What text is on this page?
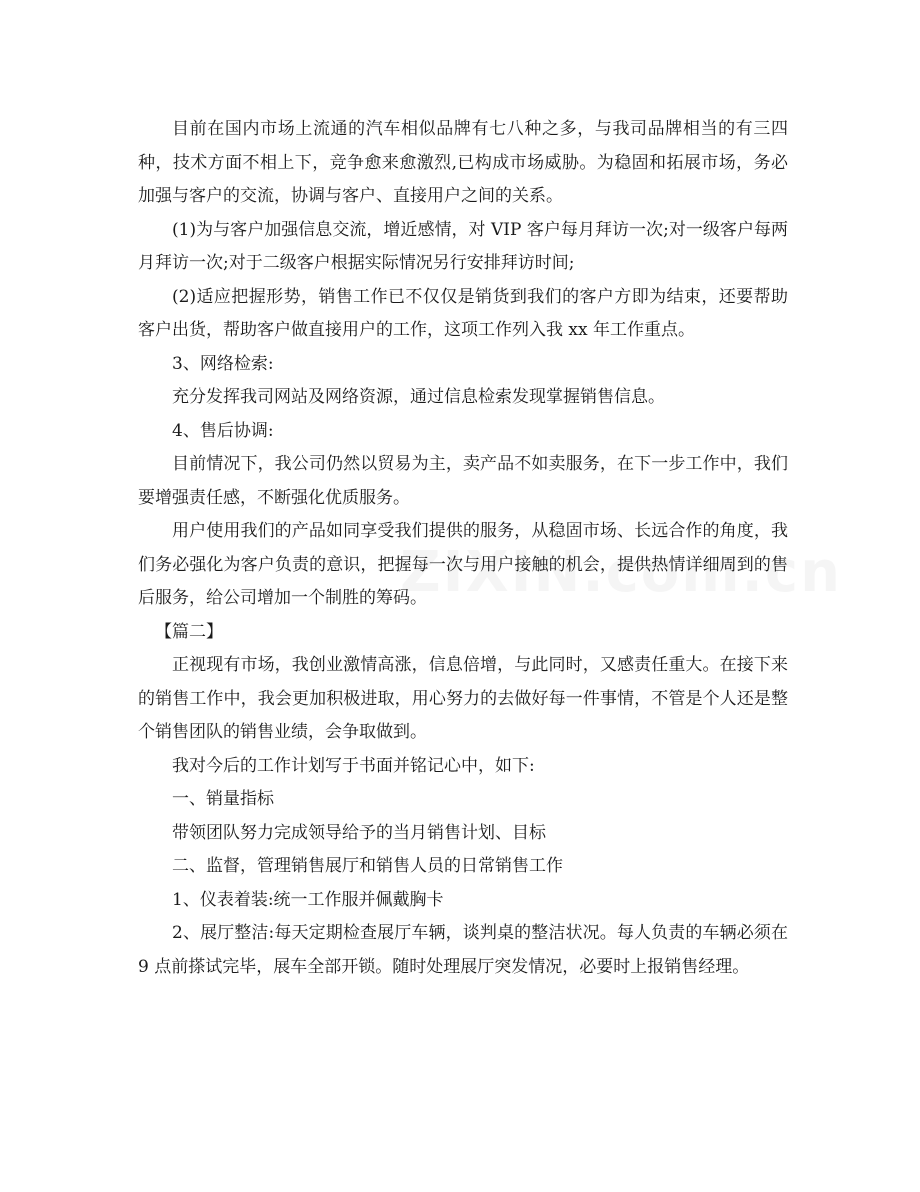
目前在国内市场上流通的汽车相似品牌有七八种之多，与我司品牌相当的有三四种，技术方面不相上下，竞争愈来愈激烈,已构成市场威胁。为稳固和拓展市场，务必加强与客户的交流，协调与客户、直接用户之间的关系。

(1)为与客户加强信息交流，增近感情，对 VIP 客户每月拜访一次;对一级客户每两月拜访一次;对于二级客户根据实际情况另行安排拜访时间;

(2)适应把握形势，销售工作已不仅仅是销货到我们的客户方即为结束，还要帮助客户出货，帮助客户做直接用户的工作，这项工作列入我 xx 年工作重点。

3、网络检索:

充分发挥我司网站及网络资源，通过信息检索发现掌握销售信息。

4、售后协调:

目前情况下，我公司仍然以贸易为主，卖产品不如卖服务，在下一步工作中，我们要增强责任感，不断强化优质服务。

用户使用我们的产品如同享受我们提供的服务，从稳固市场、长远合作的角度，我们务必强化为客户负责的意识，把握每一次与用户接触的机会，提供热情详细周到的售后服务，给公司增加一个制胜的筹码。

【篇二】

正视现有市场，我创业激情高涨，信息倍增，与此同时，又感责任重大。在接下来的销售工作中，我会更加积极进取，用心努力的去做好每一件事情，不管是个人还是整个销售团队的销售业绩，会争取做到。

我对今后的工作计划写于书面并铭记心中，如下:

一、销量指标

带领团队努力完成领导给予的当月销售计划、目标

二、监督，管理销售展厅和销售人员的日常销售工作

1、仪表着装:统一工作服并佩戴胸卡

2、展厅整洁:每天定期检查展厅车辆，谈判桌的整洁状况。每人负责的车辆必须在 9 点前搽试完毕，展车全部开锁。随时处理展厅突发情况，必要时上报销售经理。
